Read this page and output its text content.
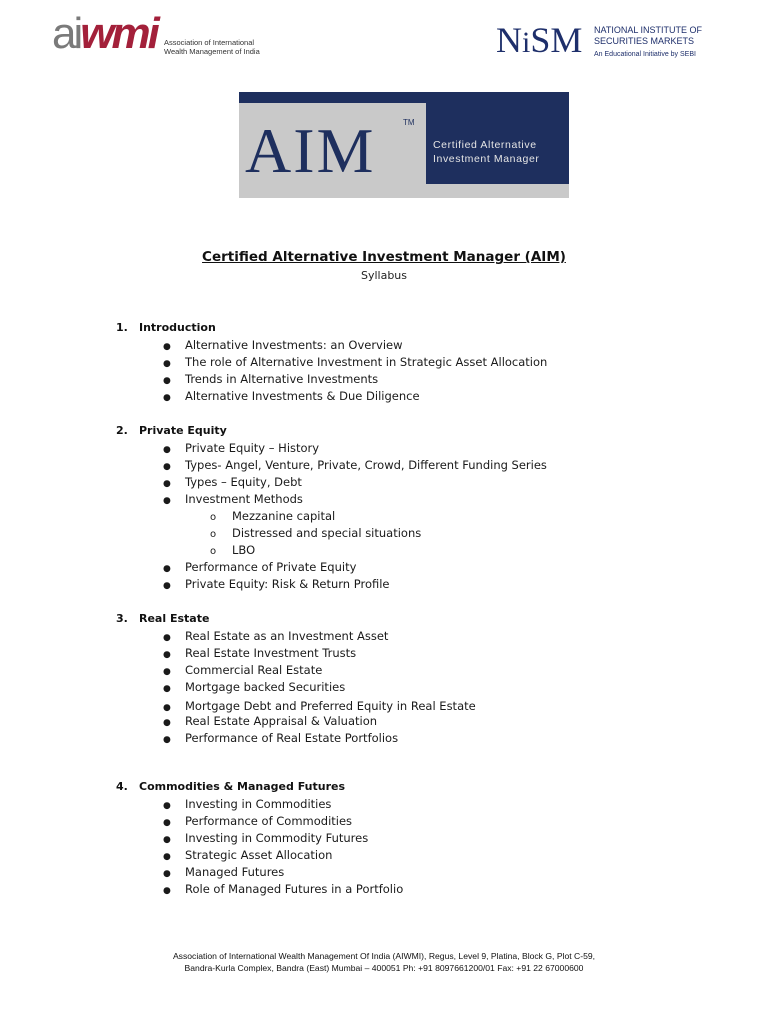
aiwmi Association of International
Wealth Management of India	NiSM NATIONAL INSTITUTE OF
SECURITIES MARKETS
An Educational Initiative by SEBI
AIM	TM
Certified Alternative
Investment Manager
Certified Alternative Investment Manager (AIM)
Syllabus
1. Introduction
● Alternative Investments: an Overview
● The role of Alternative Investment in Strategic Asset Allocation
● Trends in Alternative Investments
● Alternative Investments & Due Diligence
2. Private Equity
● Private Equity – History
● Types- Angel, Venture, Private, Crowd, Different Funding Series
● Types – Equity, Debt
● Investment Methods
o Mezzanine capital
o Distressed and special situations
o LBO
● Performance of Private Equity
● Private Equity: Risk & Return Profile
3. Real Estate
● Real Estate as an Investment Asset
● Real Estate Investment Trusts
● Commercial Real Estate
● Mortgage backed Securities
● Mortgage Debt and Preferred Equity in Real Estate
● Real Estate Appraisal & Valuation
● Performance of Real Estate Portfolios
4. Commodities & Managed Futures
● Investing in Commodities
● Performance of Commodities
● Investing in Commodity Futures
● Strategic Asset Allocation
● Managed Futures
● Role of Managed Futures in a Portfolio
Association of International Wealth Management Of India (AIWMI), Regus, Level 9, Platina, Block G, Plot C-59,
Bandra-Kurla Complex, Bandra (East) Mumbai – 400051 Ph: +91 8097661200/01 Fax: +91 22 67000600
